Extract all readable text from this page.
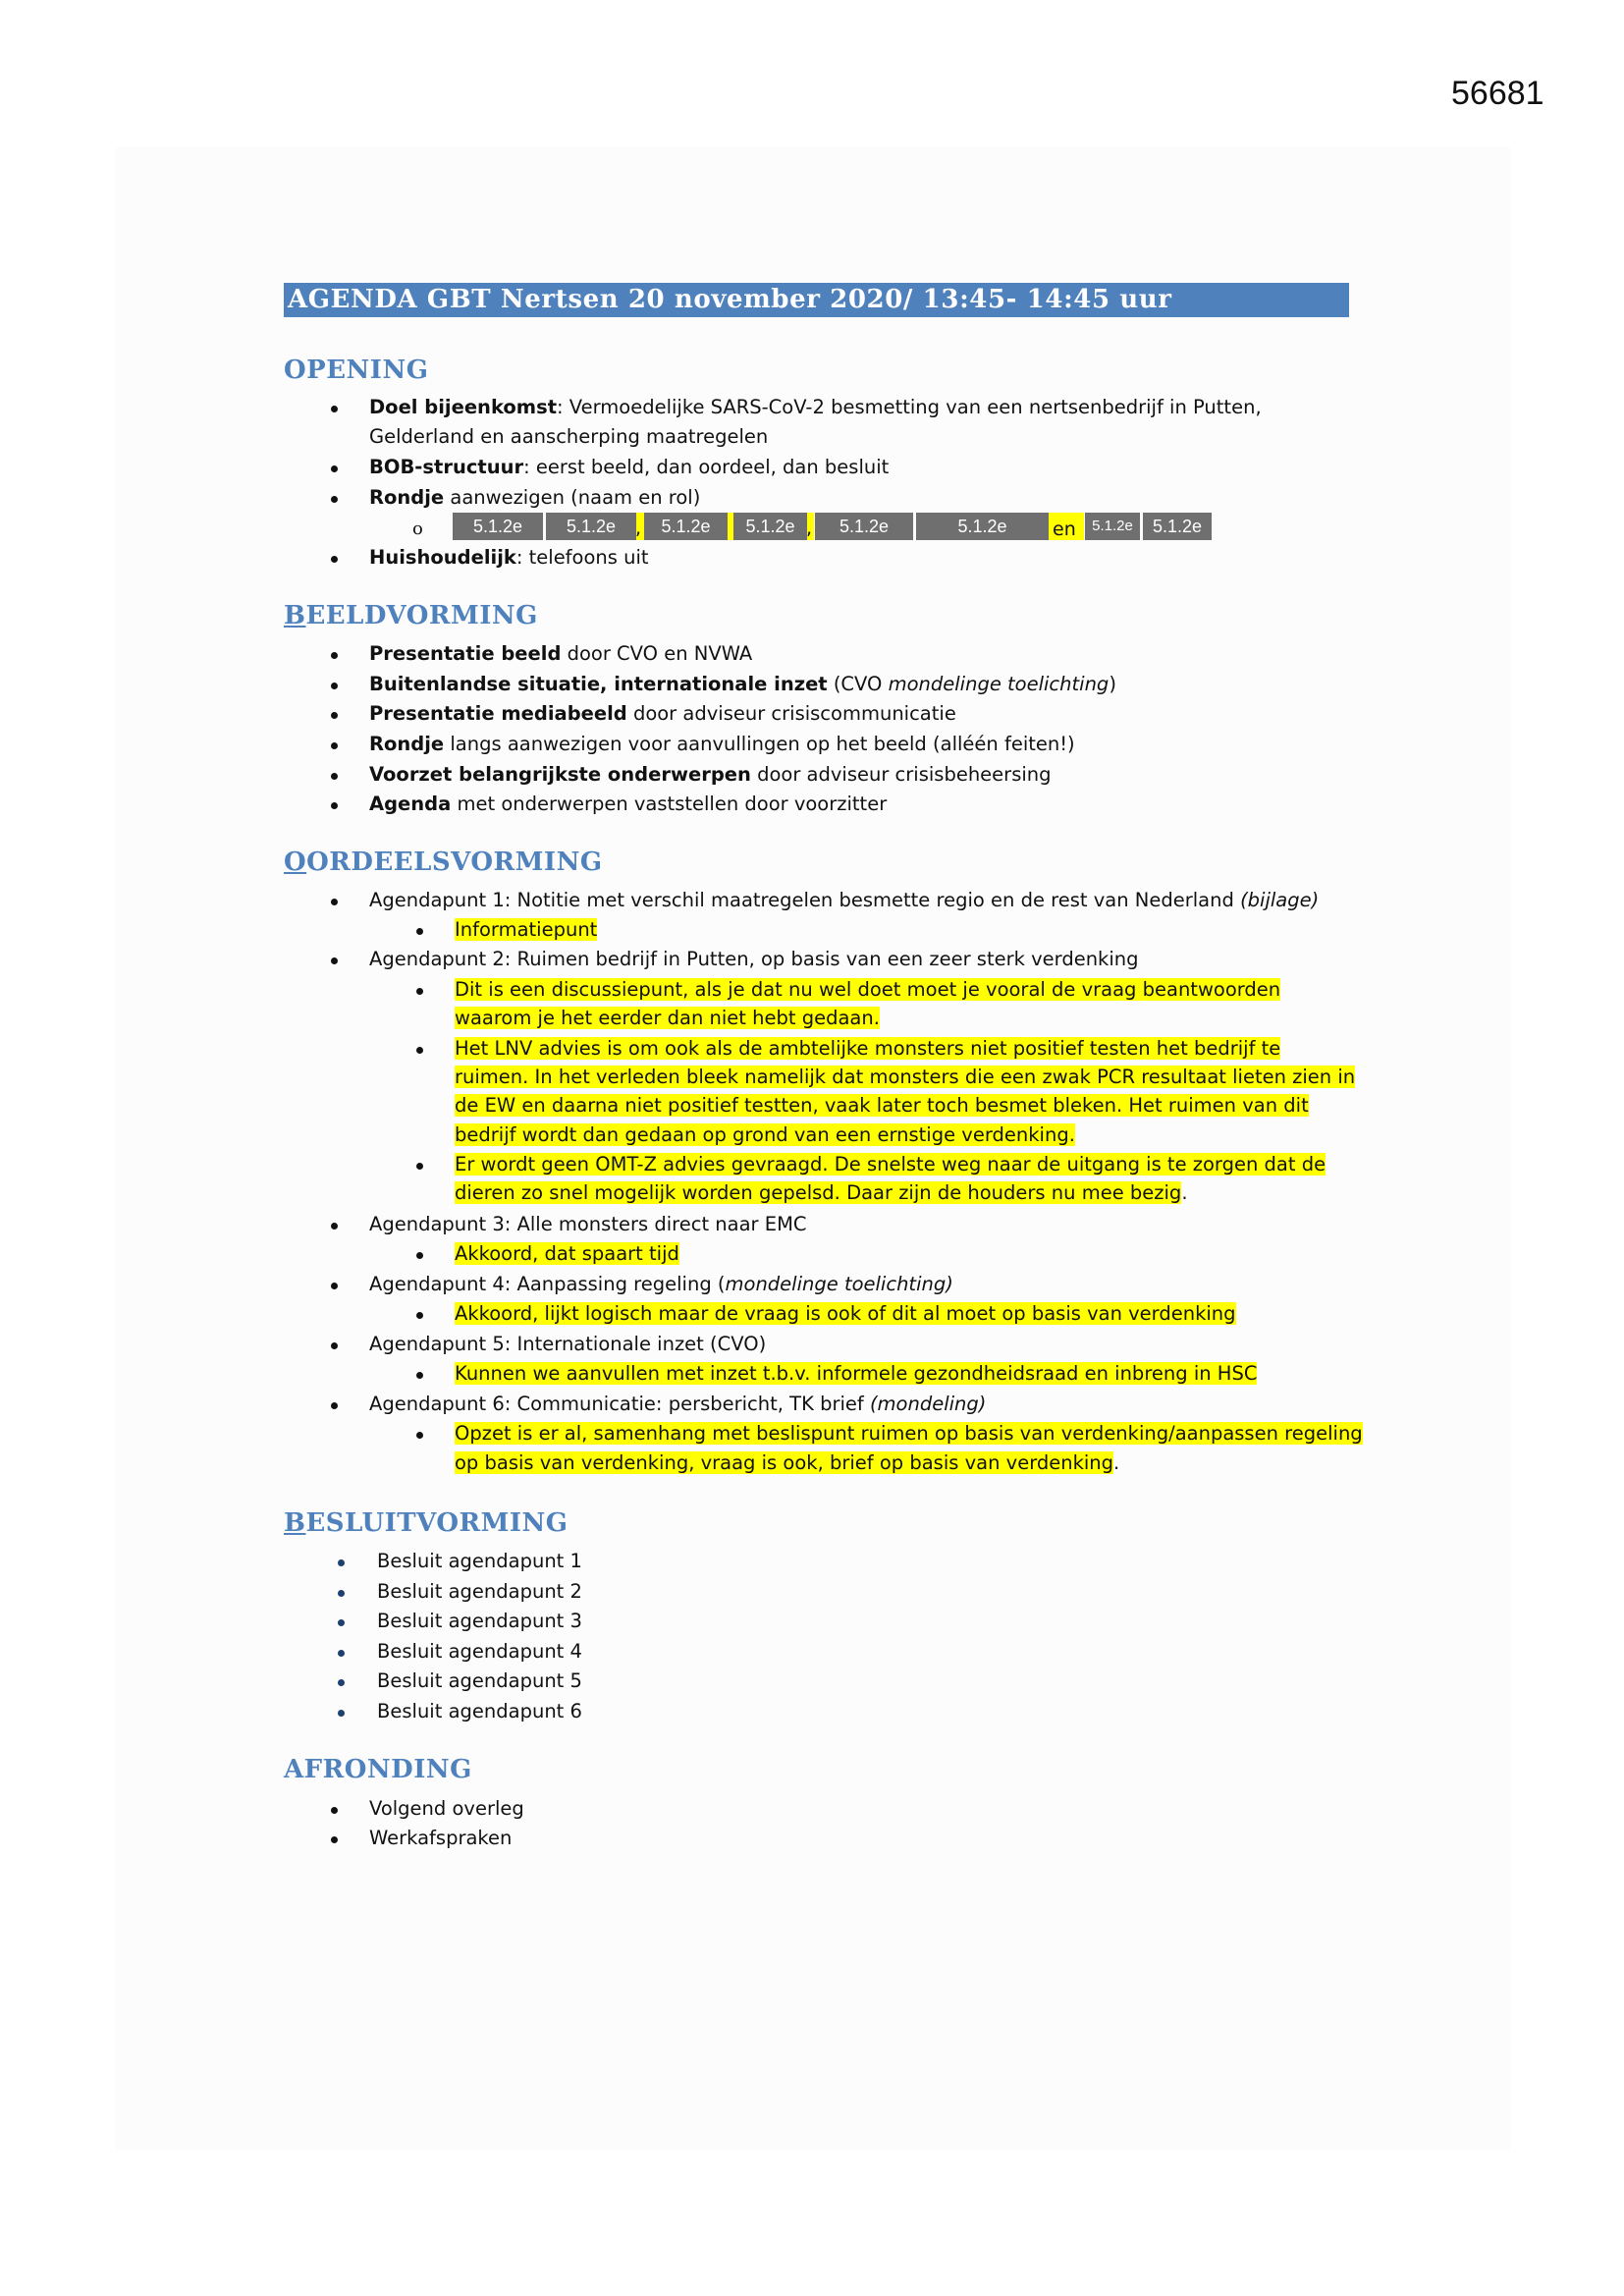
56681
AGENDA GBT Nertsen 20 november 2020/ 13:45- 14:45 uur
OPENING
Doel bijeenkomst: Vermoedelijke SARS-CoV-2 besmetting van een nertsenbedrijf in Putten,
Gelderland en aanscherping maatregelen
BOB-structuur: eerst beeld, dan oordeel, dan besluit
Rondje aanwezigen (naam en rol)
o	5.1.2e	5.1.2e	,	5.1.2e	5.1.2e ,	5.1.2e	5.1.2e	en	5.1.2e	5.1.2e
Huishoudelijk: telefoons uit
BEELDVORMING
Presentatie beeld door CVO en NVWA
Buitenlandse situatie, internationale inzet (CVO mondelinge toelichting)
Presentatie mediabeeld door adviseur crisiscommunicatie
Rondje langs aanwezigen voor aanvullingen op het beeld (alléén feiten!)
Voorzet belangrijkste onderwerpen door adviseur crisisbeheersing
Agenda met onderwerpen vaststellen door voorzitter
OORDEELSVORMING
Agendapunt 1: Notitie met verschil maatregelen besmette regio en de rest van Nederland (bijlage)
Informatiepunt
Agendapunt 2: Ruimen bedrijf in Putten, op basis van een zeer sterk verdenking
Dit is een discussiepunt, als je dat nu wel doet moet je vooral de vraag beantwoorden
waarom je het eerder dan niet hebt gedaan.
Het LNV advies is om ook als de ambtelijke monsters niet positief testen het bedrijf te
ruimen. In het verleden bleek namelijk dat monsters die een zwak PCR resultaat lieten zien in
de EW en daarna niet positief testten, vaak later toch besmet bleken. Het ruimen van dit
bedrijf wordt dan gedaan op grond van een ernstige verdenking.
Er wordt geen OMT-Z advies gevraagd. De snelste weg naar de uitgang is te zorgen dat de
dieren zo snel mogelijk worden gepelsd. Daar zijn de houders nu mee bezig.
Agendapunt 3: Alle monsters direct naar EMC
Akkoord, dat spaart tijd
Agendapunt 4: Aanpassing regeling (mondelinge toelichting)
Akkoord, lijkt logisch maar de vraag is ook of dit al moet op basis van verdenking
Agendapunt 5: Internationale inzet (CVO)
Kunnen we aanvullen met inzet t.b.v. informele gezondheidsraad en inbreng in HSC
Agendapunt 6: Communicatie: persbericht, TK brief (mondeling)
Opzet is er al, samenhang met beslispunt ruimen op basis van verdenking/aanpassen regeling
op basis van verdenking, vraag is ook, brief op basis van verdenking.
BESLUITVORMING
Besluit agendapunt 1
Besluit agendapunt 2
Besluit agendapunt 3
Besluit agendapunt 4
Besluit agendapunt 5
Besluit agendapunt 6
AFRONDING
Volgend overleg
Werkafspraken
